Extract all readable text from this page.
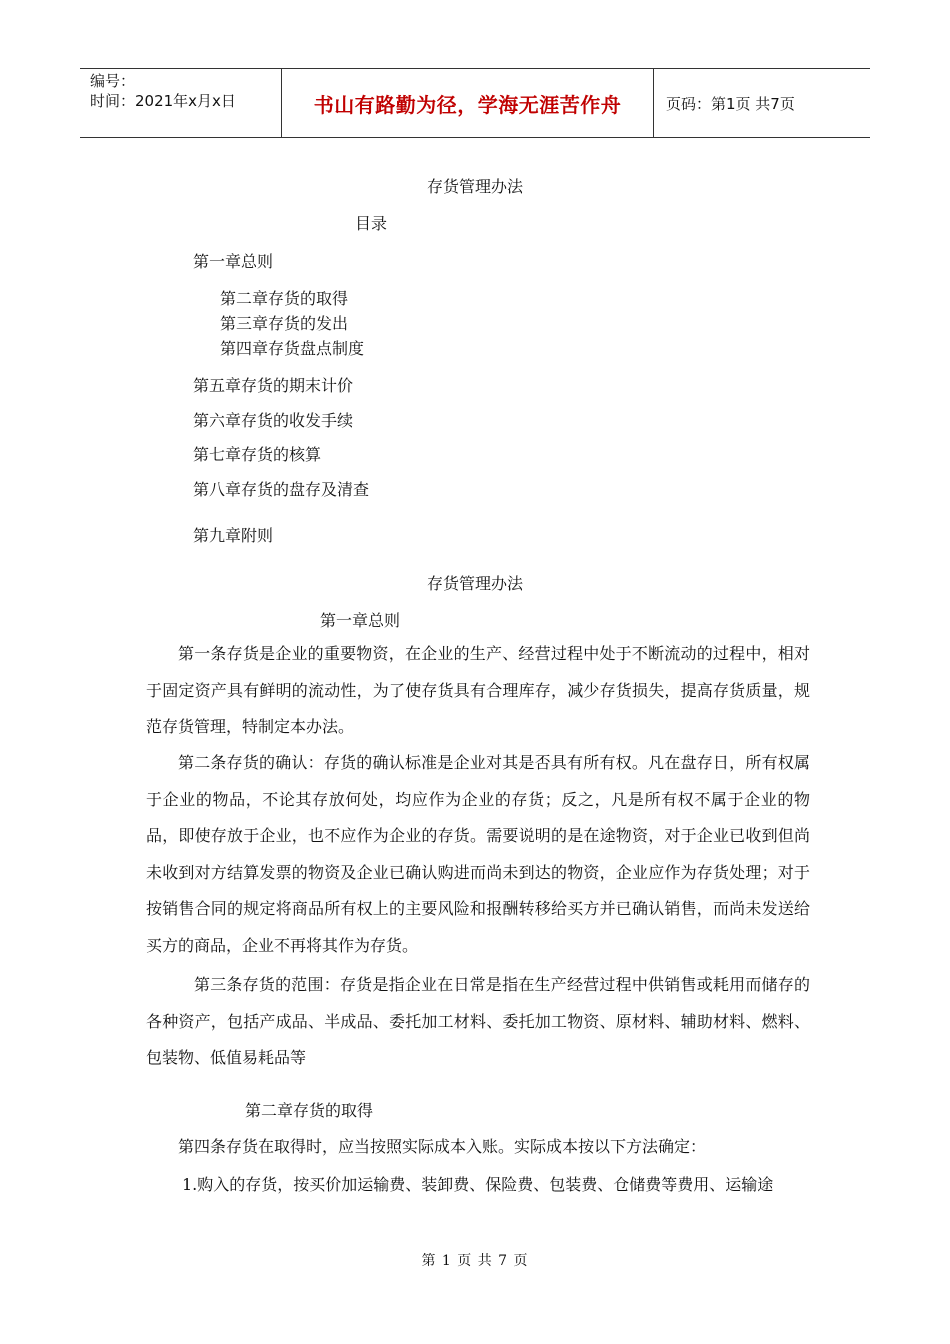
编号：
时间：2021年x月x日	书山有路勤为径，学海无涯苦作舟	页码：第1页 共7页
存货管理办法
目录
第一章总则
第二章存货的取得
第三章存货的发出
第四章存货盘点制度
第五章存货的期末计价
第六章存货的收发手续
第七章存货的核算
第八章存货的盘存及清查
第九章附则
存货管理办法
第一章总则
第一条存货是企业的重要物资，在企业的生产、经营过程中处于不断流动的过程中，相对于固定资产具有鲜明的流动性，为了使存货具有合理库存，减少存货损失，提高存货质量，规范存货管理，特制定本办法。
第二条存货的确认：存货的确认标准是企业对其是否具有所有权。凡在盘存日，所有权属于企业的物品，不论其存放何处，均应作为企业的存货；反之，凡是所有权不属于企业的物品，即使存放于企业，也不应作为企业的存货。需要说明的是在途物资，对于企业已收到但尚未收到对方结算发票的物资及企业已确认购进而尚未到达的物资，企业应作为存货处理；对于按销售合同的规定将商品所有权上的主要风险和报酬转移给买方并已确认销售，而尚未发送给买方的商品，企业不再将其作为存货。
第三条存货的范围：存货是指企业在日常是指在生产经营过程中供销售或耗用而储存的各种资产，包括产成品、半成品、委托加工材料、委托加工物资、原材料、辅助材料、燃料、包装物、低值易耗品等
第二章存货的取得
第四条存货在取得时，应当按照实际成本入账。实际成本按以下方法确定：
1.购入的存货，按买价加运输费、装卸费、保险费、包装费、仓储费等费用、运输途
第 1 页 共 7 页
